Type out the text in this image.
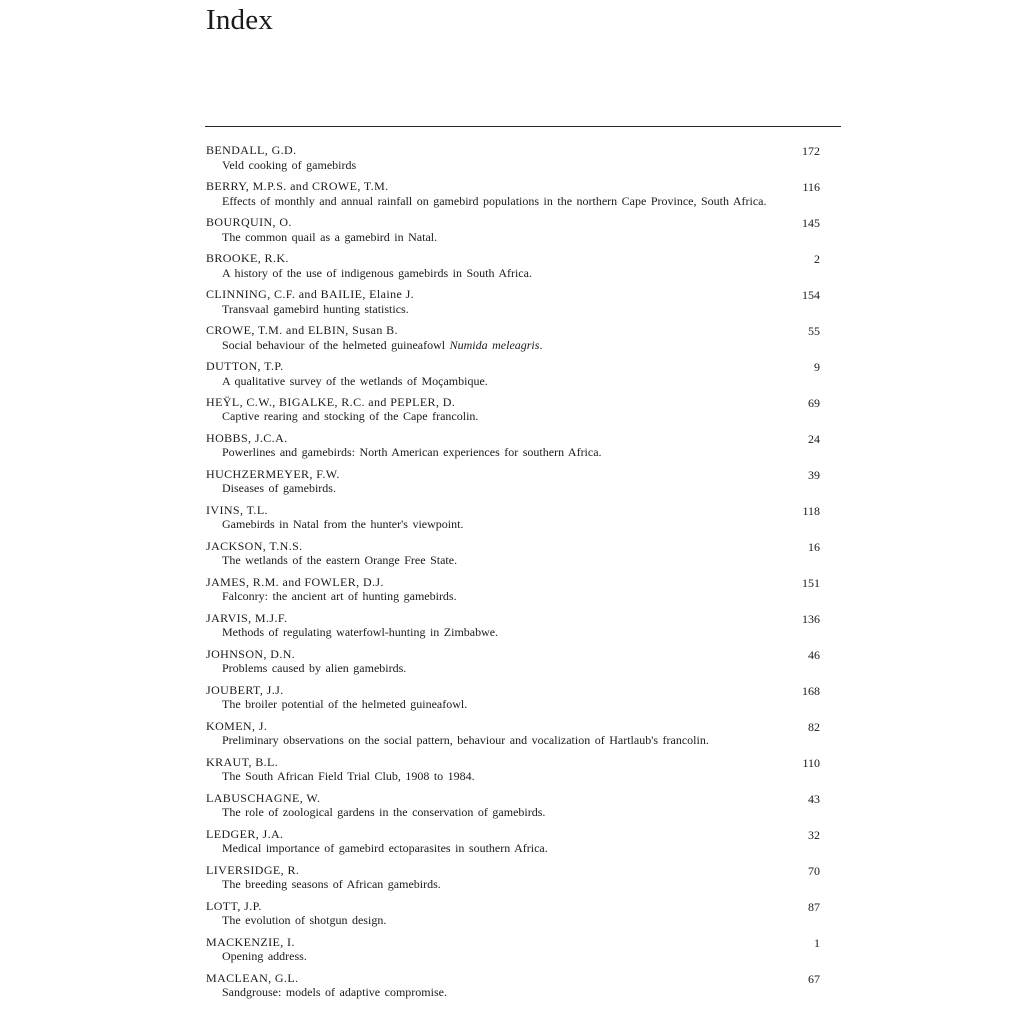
Index
BENDALL, G.D.	172
Veld cooking of gamebirds
BERRY, M.P.S. and CROWE, T.M.	116
Effects of monthly and annual rainfall on gamebird populations in the northern Cape Province, South Africa.
BOURQUIN, O.	145
The common quail as a gamebird in Natal.
BROOKE, R.K.	2
A history of the use of indigenous gamebirds in South Africa.
CLINNING, C.F. and BAILIE, Elaine J.	154
Transvaal gamebird hunting statistics.
CROWE, T.M. and ELBIN, Susan B.	55
Social behaviour of the helmeted guineafowl Numida meleagris.
DUTTON, T.P.	9
A qualitative survey of the wetlands of Moçambique.
HEŸL, C.W., BIGALKE, R.C. and PEPLER, D.	69
Captive rearing and stocking of the Cape francolin.
HOBBS, J.C.A.	24
Powerlines and gamebirds: North American experiences for southern Africa.
HUCHZERMEYER, F.W.	39
Diseases of gamebirds.
IVINS, T.L.	118
Gamebirds in Natal from the hunter's viewpoint.
JACKSON, T.N.S.	16
The wetlands of the eastern Orange Free State.
JAMES, R.M. and FOWLER, D.J.	151
Falconry: the ancient art of hunting gamebirds.
JARVIS, M.J.F.	136
Methods of regulating waterfowl-hunting in Zimbabwe.
JOHNSON, D.N.	46
Problems caused by alien gamebirds.
JOUBERT, J.J.	168
The broiler potential of the helmeted guineafowl.
KOMEN, J.	82
Preliminary observations on the social pattern, behaviour and vocalization of Hartlaub's francolin.
KRAUT, B.L.	110
The South African Field Trial Club, 1908 to 1984.
LABUSCHAGNE, W.	43
The role of zoological gardens in the conservation of gamebirds.
LEDGER, J.A.	32
Medical importance of gamebird ectoparasites in southern Africa.
LIVERSIDGE, R.	70
The breeding seasons of African gamebirds.
LOTT, J.P.	87
The evolution of shotgun design.
MACKENZIE, I.	1
Opening address.
MACLEAN, G.L.	67
Sandgrouse: models of adaptive compromise.
